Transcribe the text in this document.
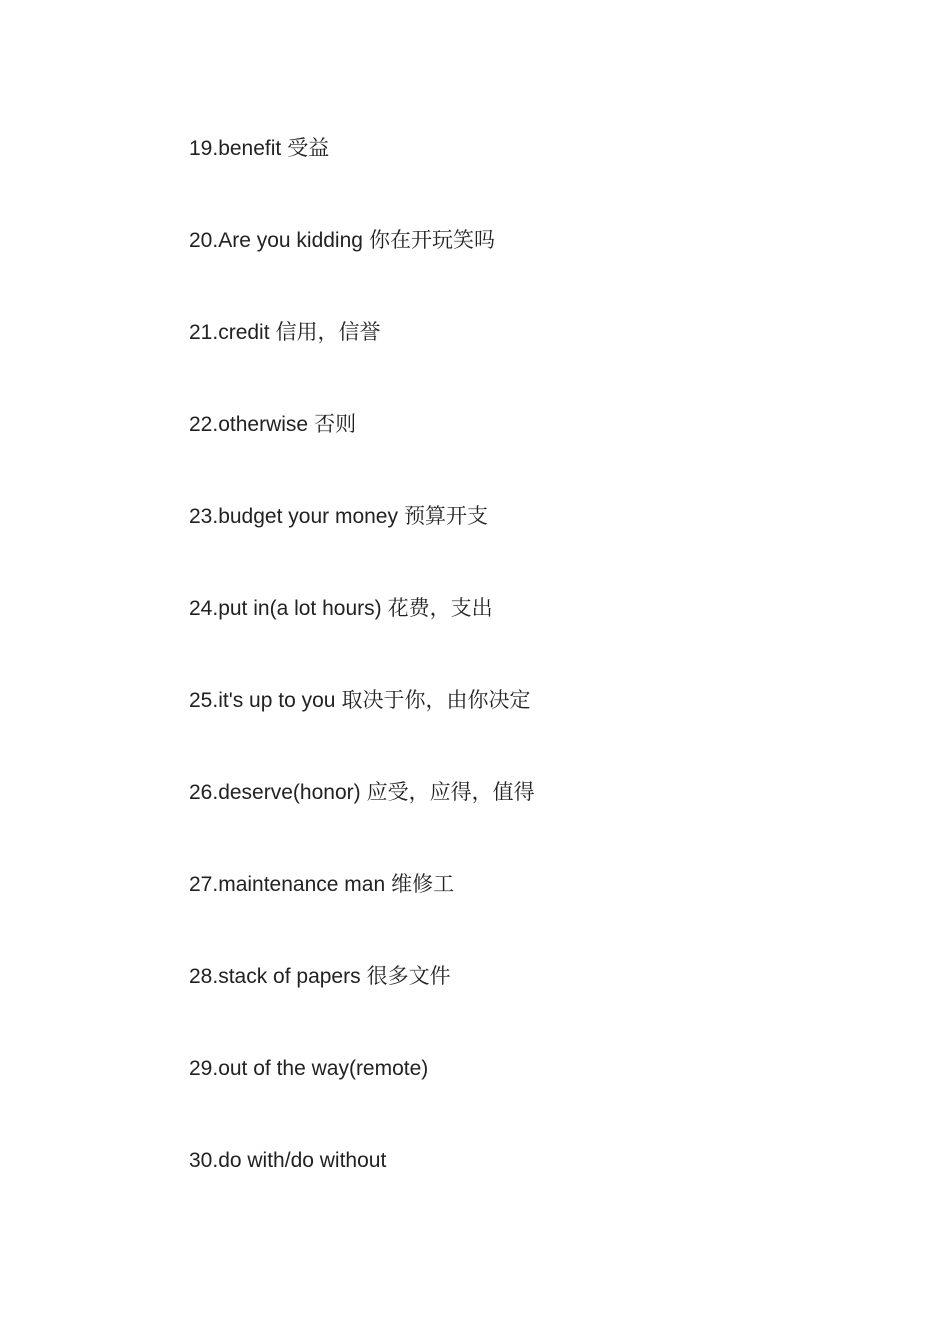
19.benefit 受益
20.Are you kidding 你在开玩笑吗
21.credit 信用，信誉
22.otherwise 否则
23.budget your money 预算开支
24.put in(a lot hours) 花费，支出
25.it's up to you 取决于你，由你决定
26.deserve(honor) 应受，应得，值得
27.maintenance man 维修工
28.stack of papers 很多文件
29.out of the way(remote)
30.do with/do without
